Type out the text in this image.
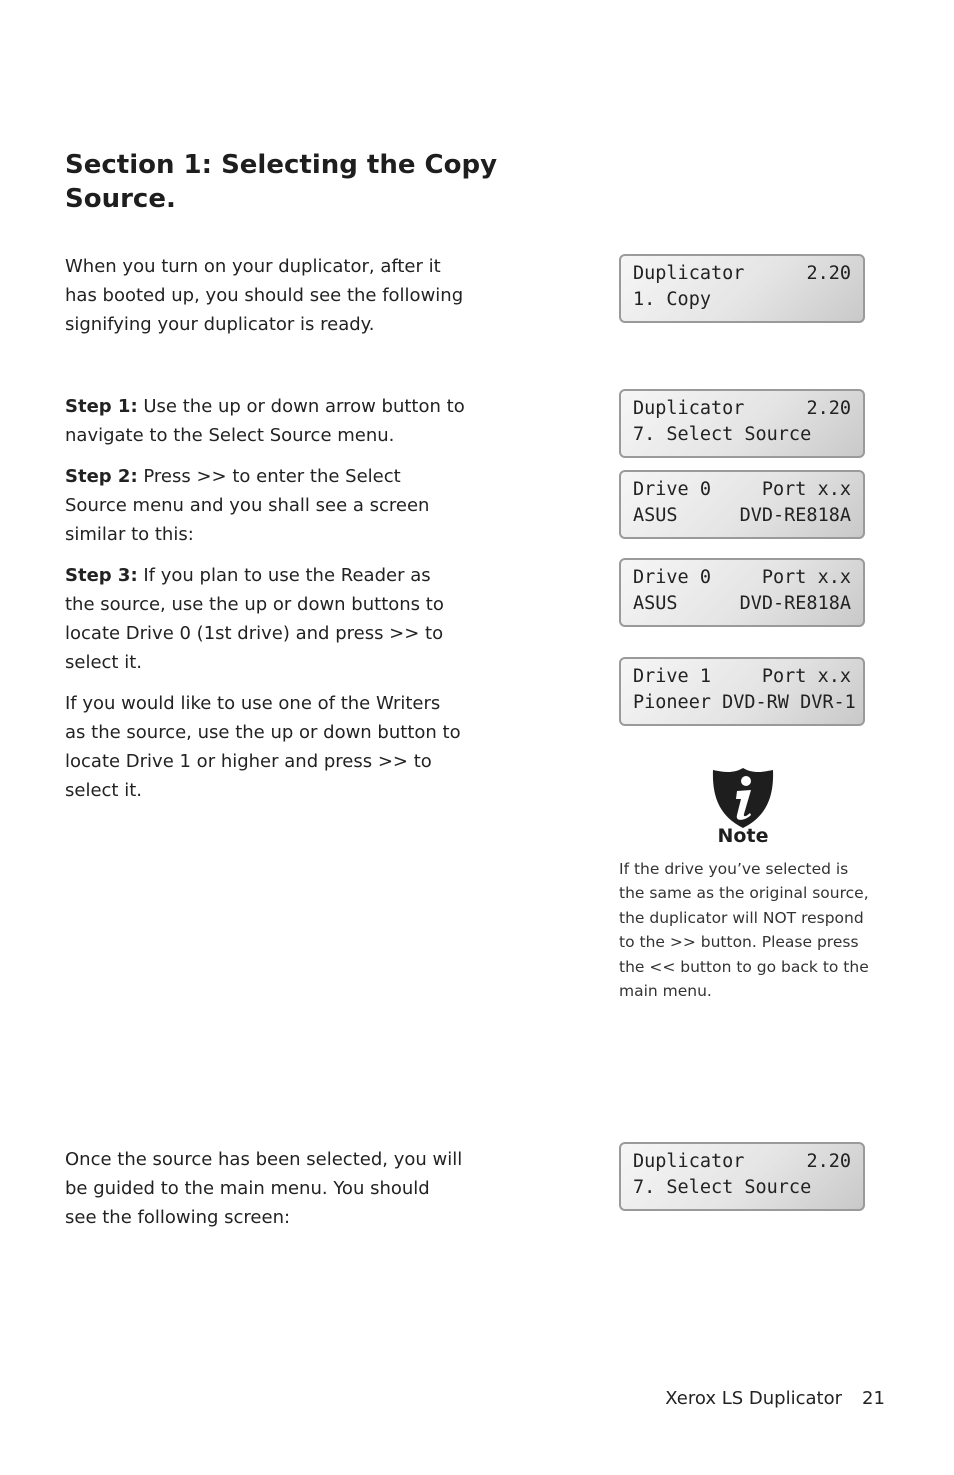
Section 1: Selecting the Copy Source.

When you turn on your duplicator, after it has booted up, you should see the following signifying your duplicator is ready.

Step 1: Use the up or down arrow button to navigate to the Select Source menu.

Step 2: Press >> to enter the Select Source menu and you shall see a screen similar to this:

Step 3: If you plan to use the Reader as the source, use the up or down buttons to locate Drive 0 (1st drive) and press >> to select it.

If you would like to use one of the Writers as the source, use the up or down button to locate Drive 1 or higher and press >> to select it.

Once the source has been selected, you will be guided to the main menu. You should see the following screen:

Duplicator	2.20
1. Copy
Duplicator	2.20
7. Select Source
Drive 0	Port x.x
ASUS	DVD-RE818A
Drive 0	Port x.x
ASUS	DVD-RE818A
Drive 1	Port x.x
Pioneer DVD-RW DVR-1
Duplicator	2.20
7. Select Source
Note

If the drive you’ve selected is the same as the original source, the duplicator will NOT respond to the >> button. Please press the << button to go back to the main menu.

Xerox LS Duplicator 21
